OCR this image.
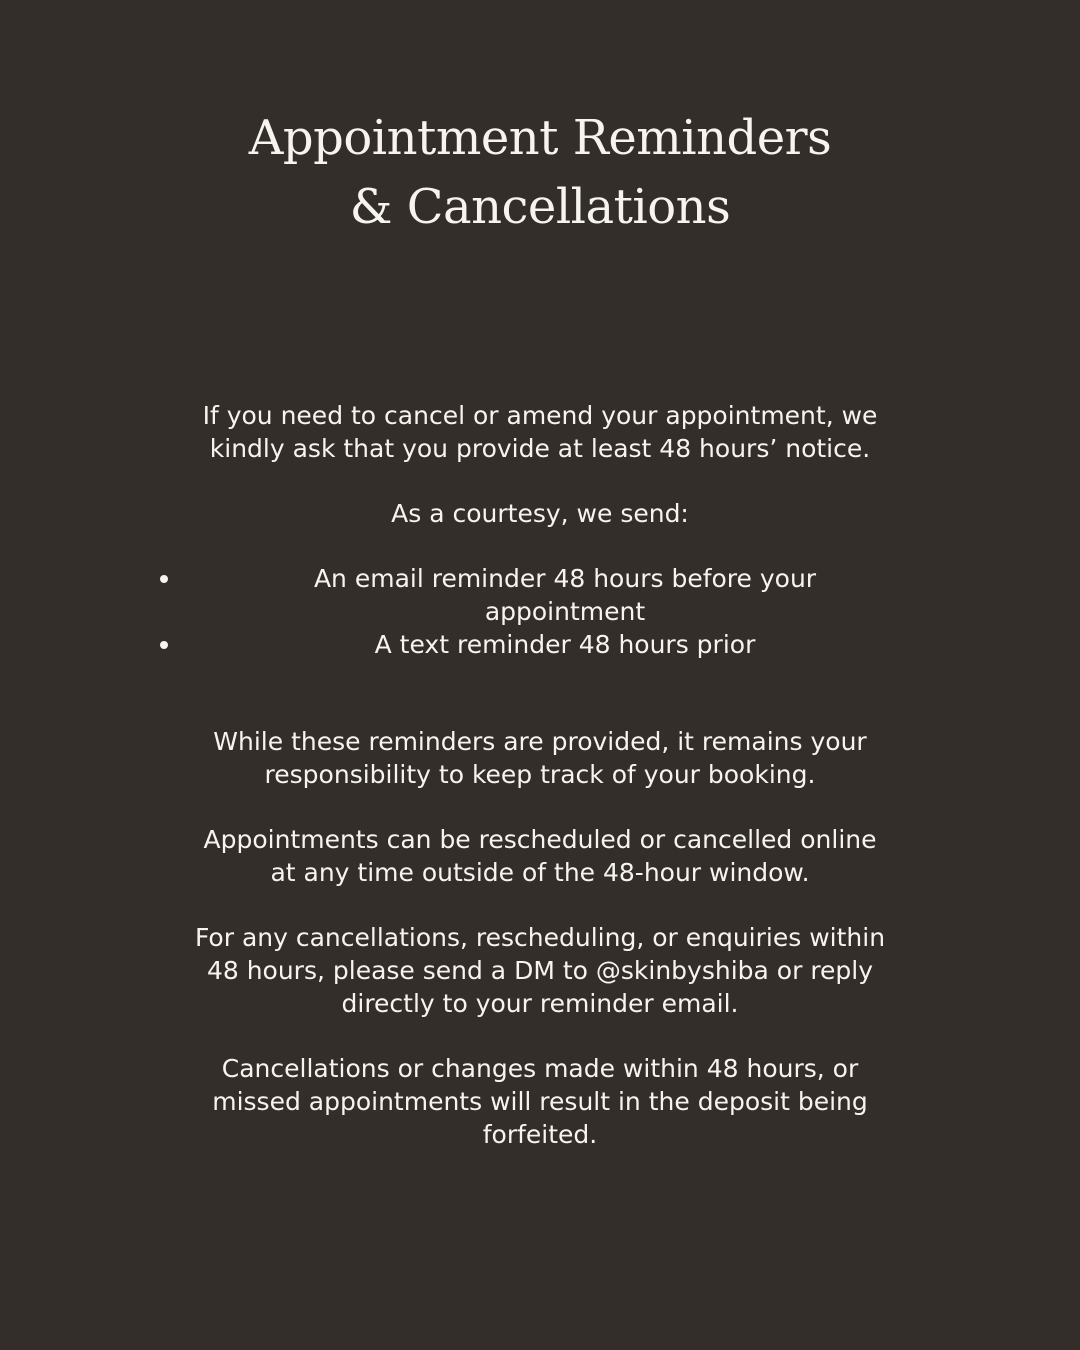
Appointment Reminders
& Cancellations

If you need to cancel or amend your appointment, we
kindly ask that you provide at least 48 hours’ notice.

As a courtesy, we send:

An email reminder 48 hours before your appointment
A text reminder 48 hours prior

While these reminders are provided, it remains your
responsibility to keep track of your booking.

Appointments can be rescheduled or cancelled online
at any time outside of the 48-hour window.

For any cancellations, rescheduling, or enquiries within
48 hours, please send a DM to @skinbyshiba or reply
directly to your reminder email.

Cancellations or changes made within 48 hours, or
missed appointments will result in the deposit being
forfeited.
